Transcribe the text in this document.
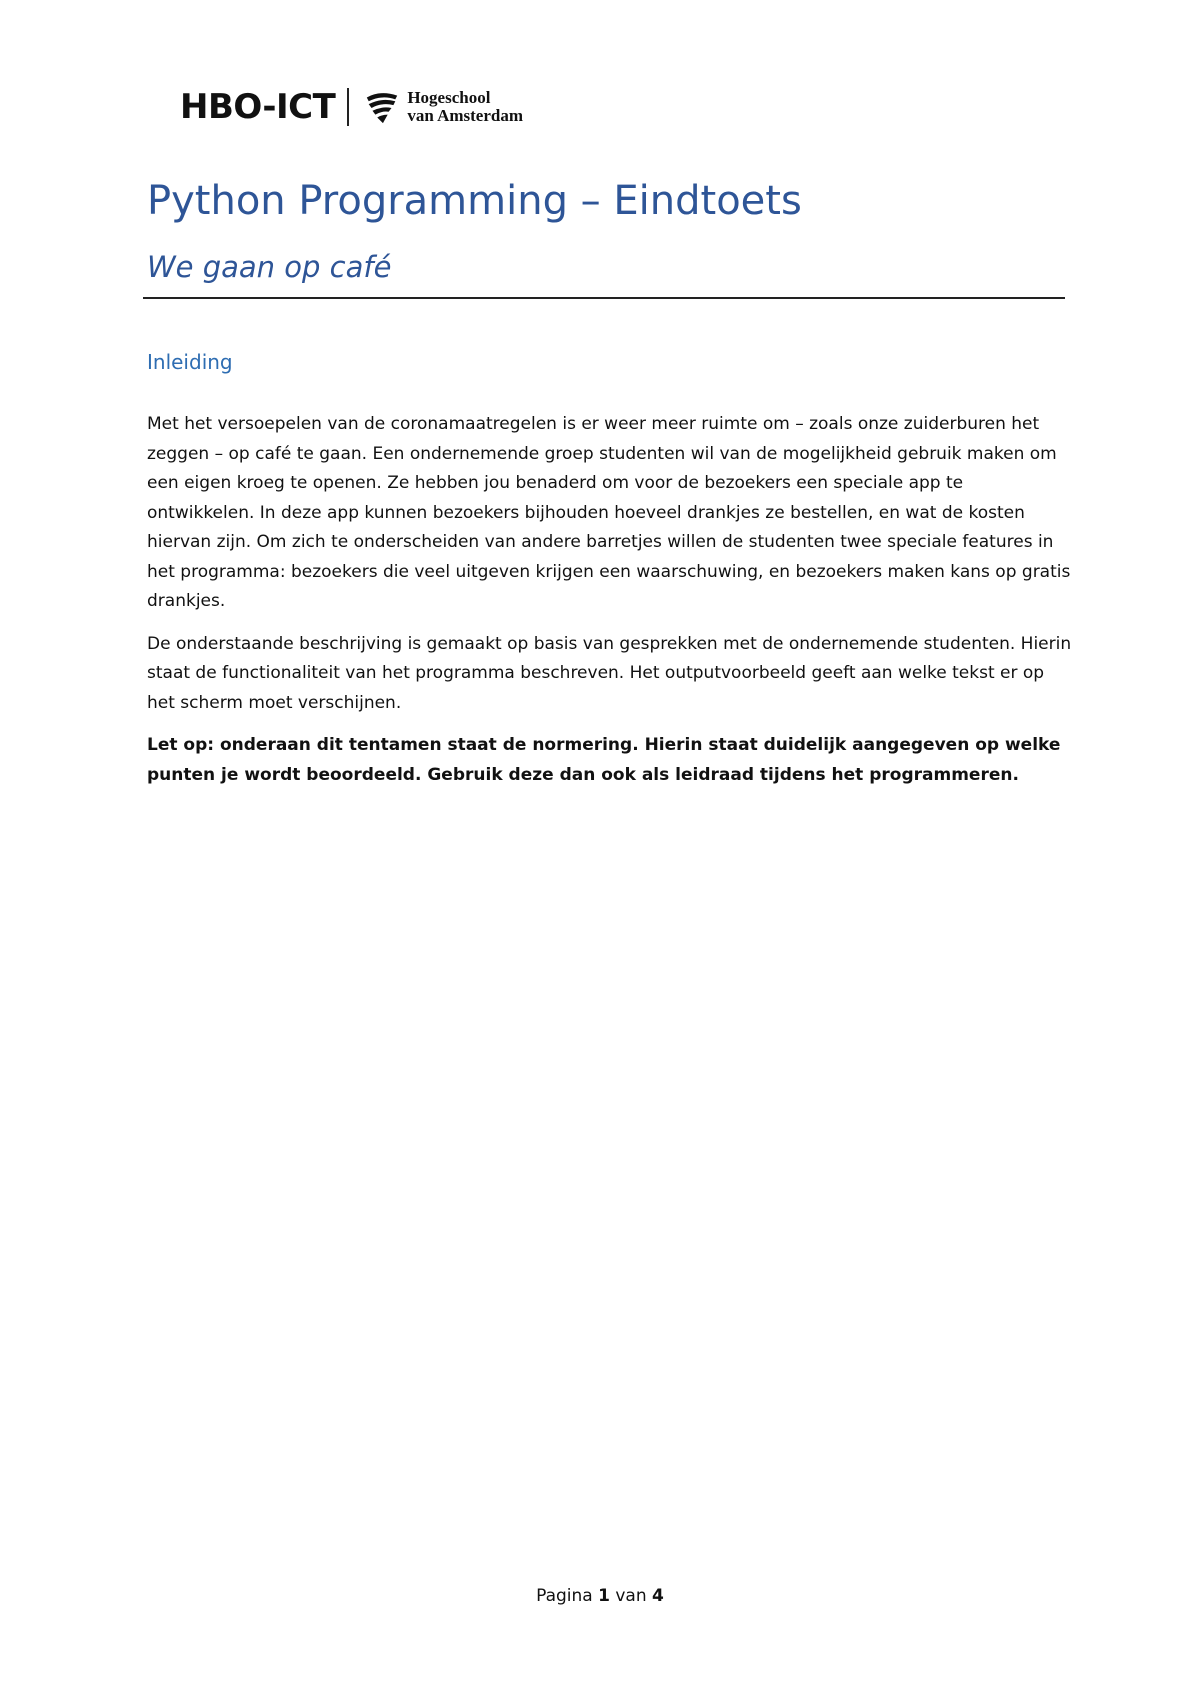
HBO-ICT	Hogeschool
van Amsterdam
Python Programming – Eindtoets
We gaan op café
Inleiding

Met het versoepelen van de coronamaatregelen is er weer meer ruimte om – zoals onze zuiderburen het zeggen – op café te gaan. Een ondernemende groep studenten wil van de mogelijkheid gebruik maken om een eigen kroeg te openen. Ze hebben jou benaderd om voor de bezoekers een speciale app te ontwikkelen. In deze app kunnen bezoekers bijhouden hoeveel drankjes ze bestellen, en wat de kosten hiervan zijn. Om zich te onderscheiden van andere barretjes willen de studenten twee speciale features in het programma: bezoekers die veel uitgeven krijgen een waarschuwing, en bezoekers maken kans op gratis drankjes.

De onderstaande beschrijving is gemaakt op basis van gesprekken met de ondernemende studenten. Hierin staat de functionaliteit van het programma beschreven. Het outputvoorbeeld geeft aan welke tekst er op het scherm moet verschijnen.

Let op: onderaan dit tentamen staat de normering. Hierin staat duidelijk aangegeven op welke punten je wordt beoordeeld. Gebruik deze dan ook als leidraad tijdens het programmeren.

Pagina 1 van 4
